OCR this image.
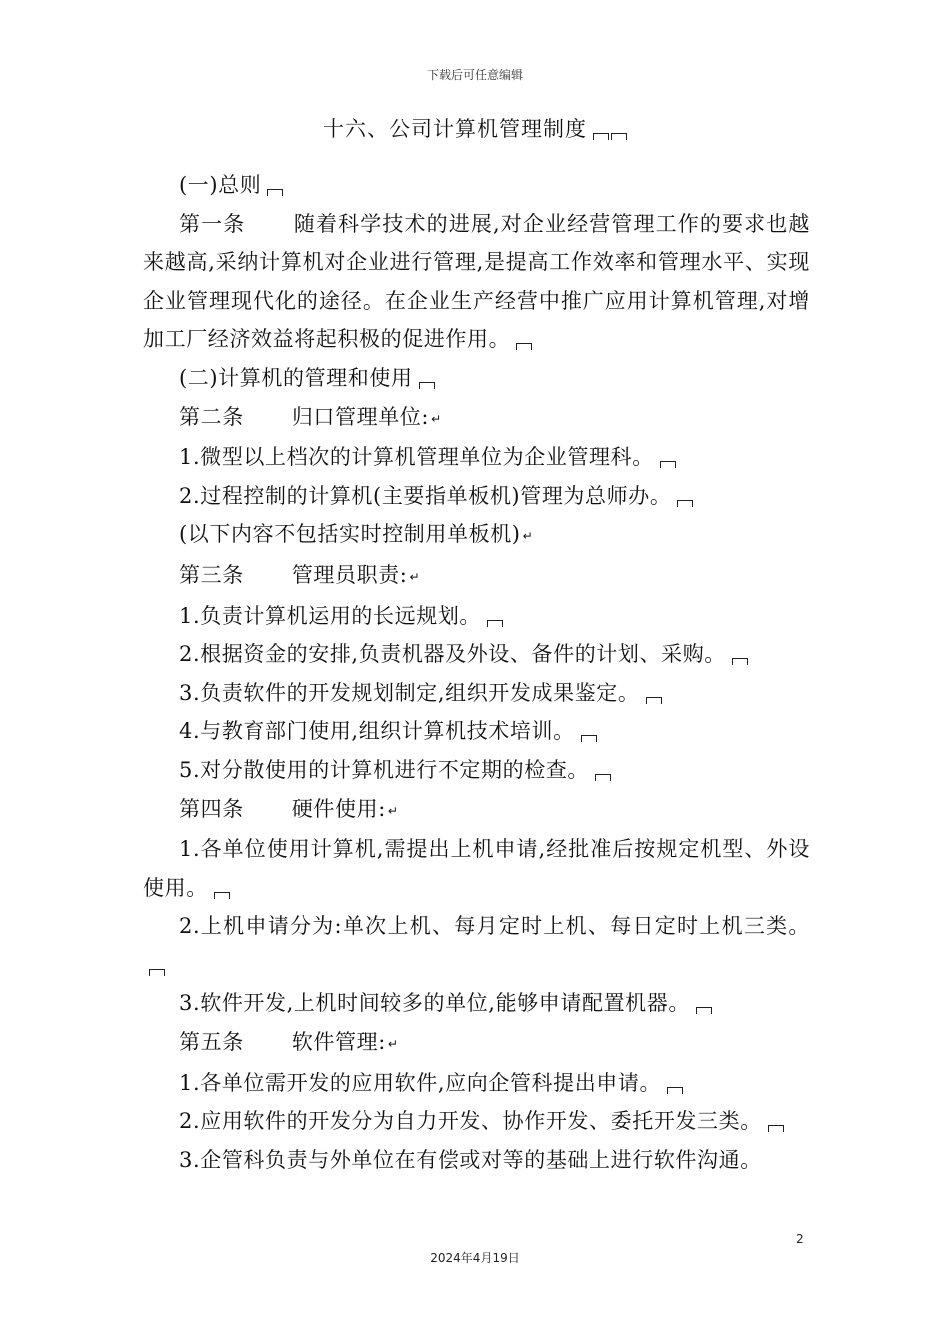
下载后可任意编辑
十六、公司计算机管理制度

(一)总则

第一条 随着科学技术的进展,对企业经营管理工作的要求也越来越高,采纳计算机对企业进行管理,是提高工作效率和管理水平、实现企业管理现代化的途径。在企业生产经营中推广应用计算机管理,对增加工厂经济效益将起积极的促进作用。

(二)计算机的管理和使用

第二条 归口管理单位: ↵

1.微型以上档次的计算机管理单位为企业管理科。

2.过程控制的计算机(主要指单板机)管理为总师办。

(以下内容不包括实时控制用单板机) ↵

第三条 管理员职责: ↵

1.负责计算机运用的长远规划。

2.根据资金的安排,负责机器及外设、备件的计划、采购。

3.负责软件的开发规划制定,组织开发成果鉴定。

4.与教育部门使用,组织计算机技术培训。

5.对分散使用的计算机进行不定期的检查。

第四条 硬件使用: ↵

1.各单位使用计算机,需提出上机申请,经批准后按规定机型、外设使用。

2.上机申请分为:单次上机、每月定时上机、每日定时上机三类。

3.软件开发,上机时间较多的单位,能够申请配置机器。

第五条 软件管理: ↵

1.各单位需开发的应用软件,应向企管科提出申请。

2.应用软件的开发分为自力开发、协作开发、委托开发三类。

3.企管科负责与外单位在有偿或对等的基础上进行软件沟通。

2
2024年4月19日
